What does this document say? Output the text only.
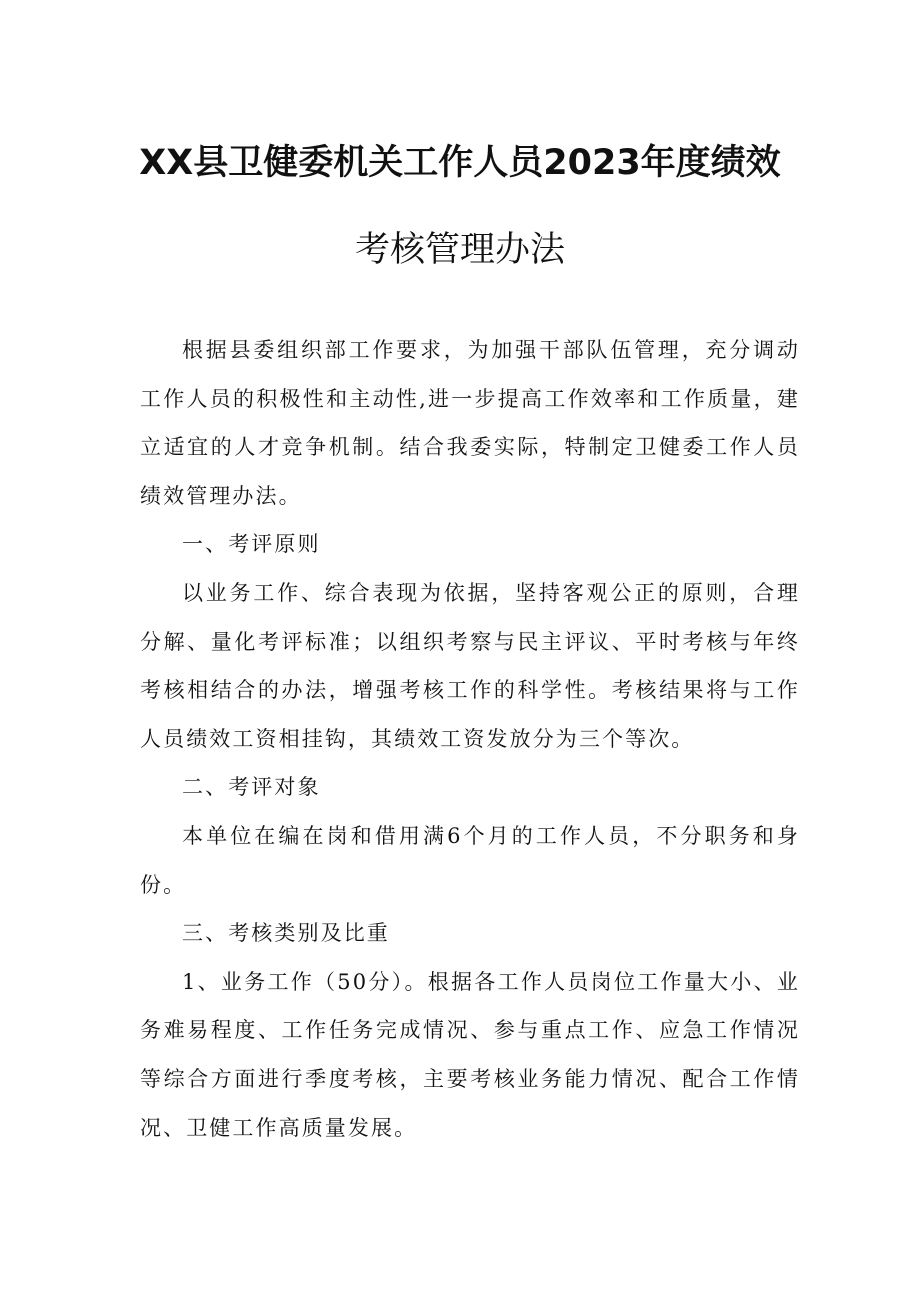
XX县卫健委机关工作人员2023年度绩效
考核管理办法

根据县委组织部工作要求，为加强干部队伍管理，充分调动工作人员的积极性和主动性,进一步提高工作效率和工作质量，建立适宜的人才竞争机制。结合我委实际，特制定卫健委工作人员绩效管理办法。

一、考评原则

以业务工作、综合表现为依据，坚持客观公正的原则，合理分解、量化考评标准；以组织考察与民主评议、平时考核与年终考核相结合的办法，增强考核工作的科学性。考核结果将与工作人员绩效工资相挂钩，其绩效工资发放分为三个等次。

二、考评对象

本单位在编在岗和借用满6个月的工作人员，不分职务和身份。

三、考核类别及比重

1、业务工作（50分）。根据各工作人员岗位工作量大小、业务难易程度、工作任务完成情况、参与重点工作、应急工作情况等综合方面进行季度考核，主要考核业务能力情况、配合工作情况、卫健工作高质量发展。
